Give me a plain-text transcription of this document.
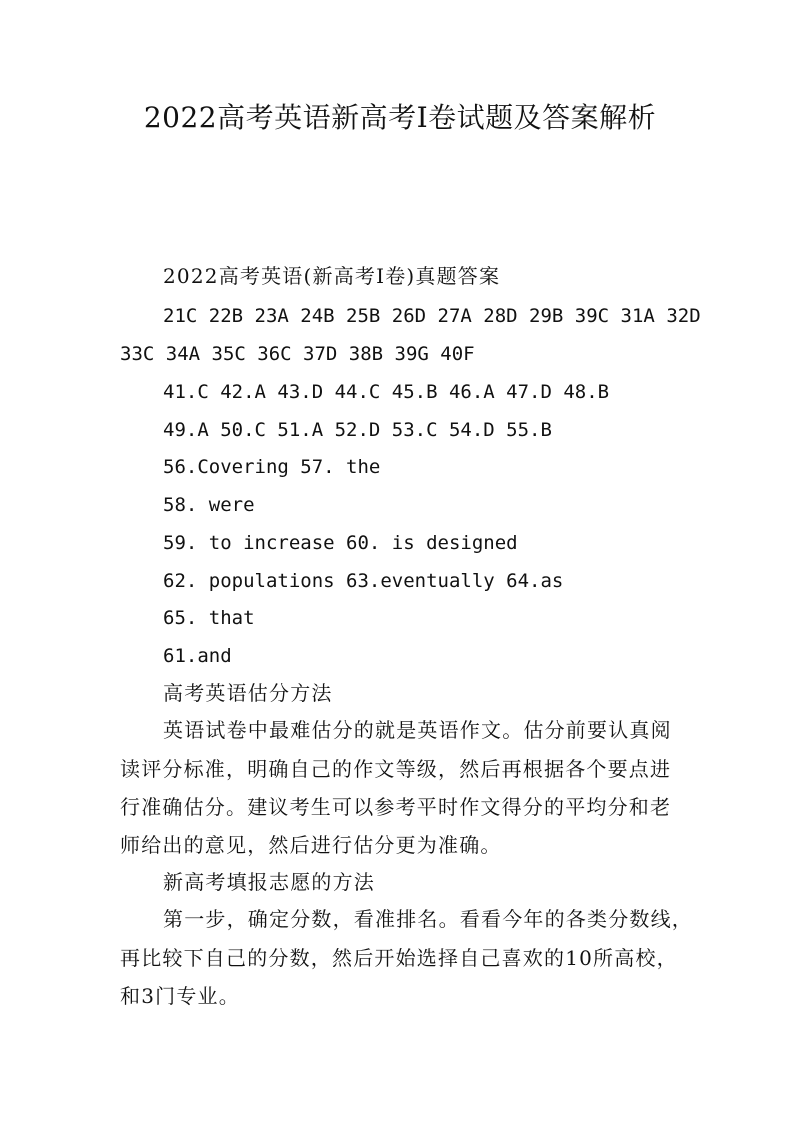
2022高考英语新高考Ⅰ卷试题及答案解析
2022高考英语(新高考Ⅰ卷)真题答案
21C 22B 23A 24B 25B 26D 27A 28D 29B 39C 31A 32D
33C 34A 35C 36C 37D 38B 39G 40F
41.C 42.A 43.D 44.C 45.B 46.A 47.D 48.B
49.A 50.C 51.A 52.D 53.C 54.D 55.B
56.Covering 57. the
58. were
59. to increase 60. is designed
62. populations 63.eventually 64.as
65. that
61.and
高考英语估分方法
英语试卷中最难估分的就是英语作文。估分前要认真阅
读评分标准，明确自己的作文等级，然后再根据各个要点进
行准确估分。建议考生可以参考平时作文得分的平均分和老
师给出的意见，然后进行估分更为准确。
新高考填报志愿的方法
第一步，确定分数，看准排名。看看今年的各类分数线，
再比较下自己的分数，然后开始选择自己喜欢的10所高校，
和3门专业。
